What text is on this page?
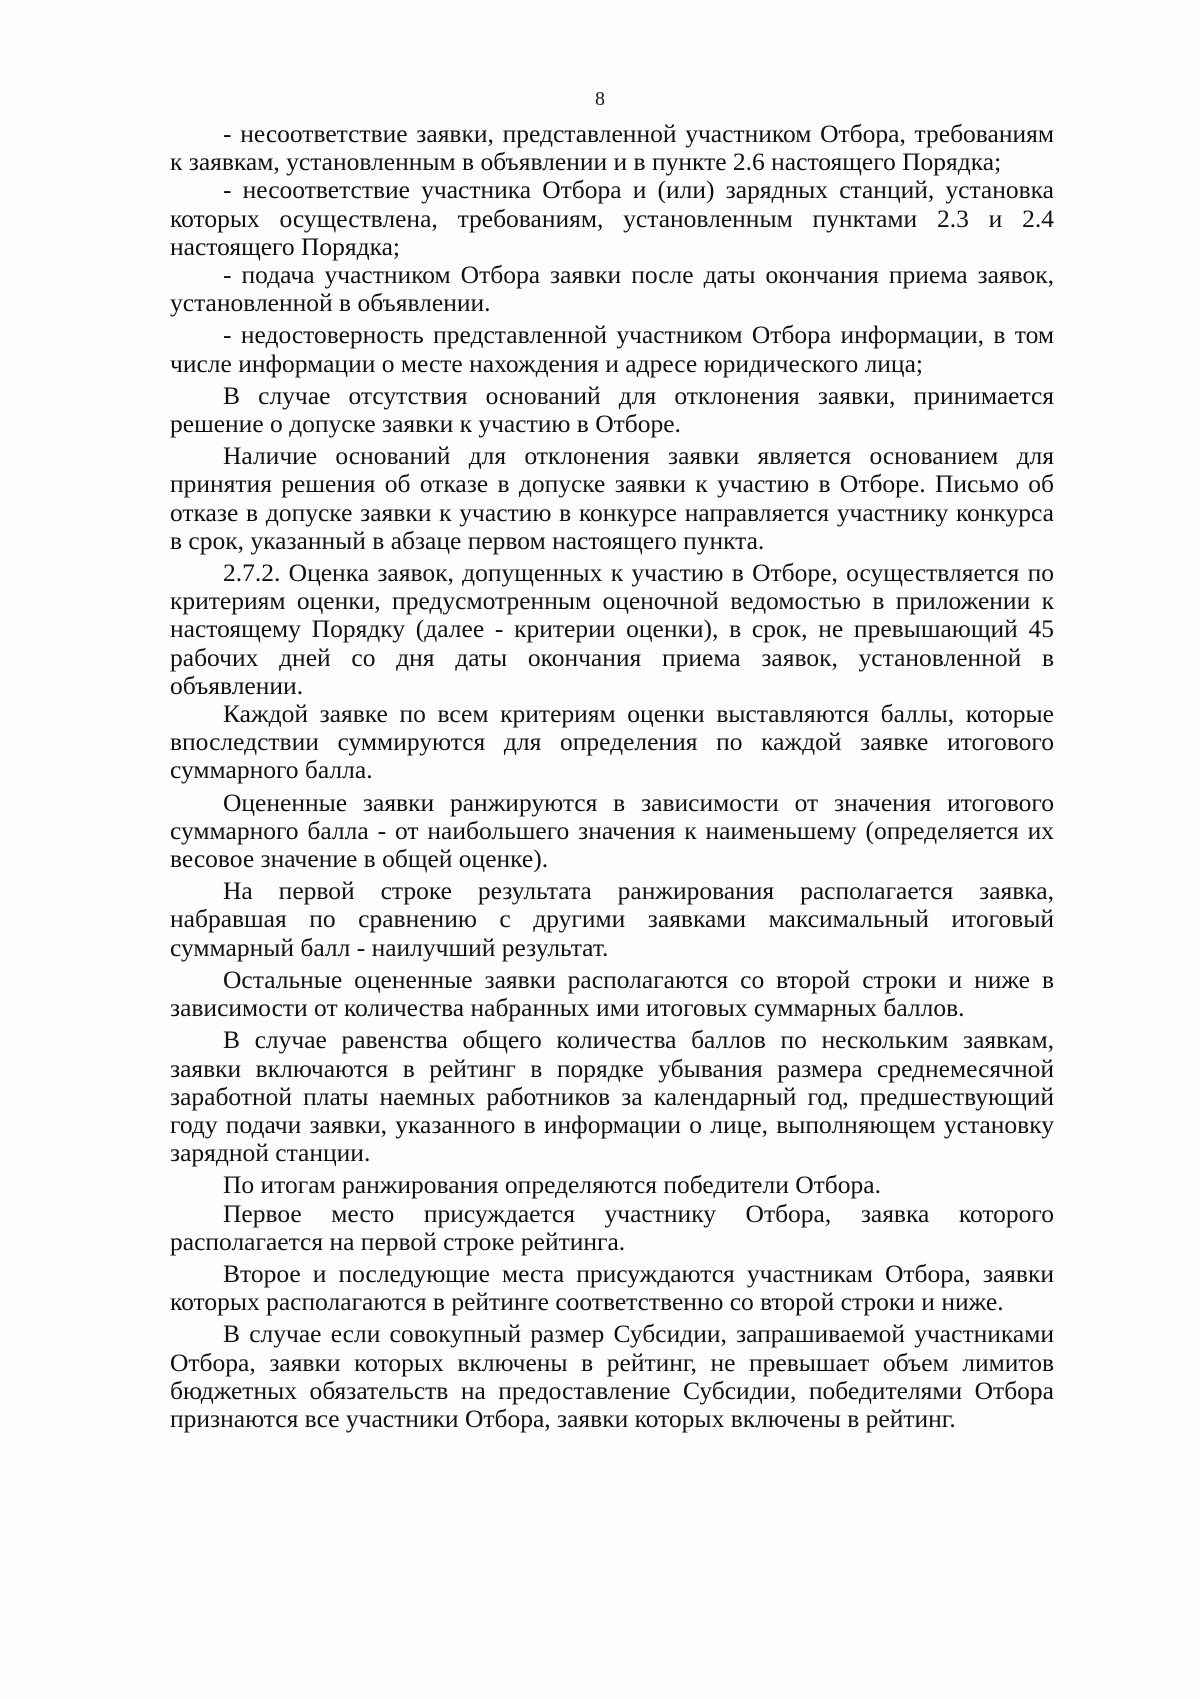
8

- несоответствие заявки, представленной участником Отбора, требованиям к заявкам, установленным в объявлении и в пункте 2.6 настоящего Порядка;

- несоответствие участника Отбора и (или) зарядных станций, установка которых осуществлена, требованиям, установленным пунктами 2.3 и 2.4 настоящего Порядка;

- подача участником Отбора заявки после даты окончания приема заявок, установленной в объявлении.

- недостоверность представленной участником Отбора информации, в том числе информации о месте нахождения и адресе юридического лица;

В случае отсутствия оснований для отклонения заявки, принимается решение о допуске заявки к участию в Отборе.

Наличие оснований для отклонения заявки является основанием для принятия решения об отказе в допуске заявки к участию в Отборе. Письмо об отказе в допуске заявки к участию в конкурсе направляется участнику конкурса в срок, указанный в абзаце первом настоящего пункта.

2.7.2. Оценка заявок, допущенных к участию в Отборе, осуществляется по критериям оценки, предусмотренным оценочной ведомостью в приложении к настоящему Порядку (далее - критерии оценки), в срок, не превышающий 45 рабочих дней со дня даты окончания приема заявок, установленной в объявлении.

Каждой заявке по всем критериям оценки выставляются баллы, которые впоследствии суммируются для определения по каждой заявке итогового суммарного балла.

Оцененные заявки ранжируются в зависимости от значения итогового суммарного балла - от наибольшего значения к наименьшему (определяется их весовое значение в общей оценке).

На первой строке результата ранжирования располагается заявка, набравшая по сравнению с другими заявками максимальный итоговый суммарный балл - наилучший результат.

Остальные оцененные заявки располагаются со второй строки и ниже в зависимости от количества набранных ими итоговых суммарных баллов.

В случае равенства общего количества баллов по нескольким заявкам, заявки включаются в рейтинг в порядке убывания размера среднемесячной заработной платы наемных работников за календарный год, предшествующий году подачи заявки, указанного в информации о лице, выполняющем установку зарядной станции.

По итогам ранжирования определяются победители Отбора.

Первое место присуждается участнику Отбора, заявка которого располагается на первой строке рейтинга.

Второе и последующие места присуждаются участникам Отбора, заявки которых располагаются в рейтинге соответственно со второй строки и ниже.

В случае если совокупный размер Субсидии, запрашиваемой участниками Отбора, заявки которых включены в рейтинг, не превышает объем лимитов бюджетных обязательств на предоставление Субсидии, победителями Отбора признаются все участники Отбора, заявки которых включены в рейтинг.
